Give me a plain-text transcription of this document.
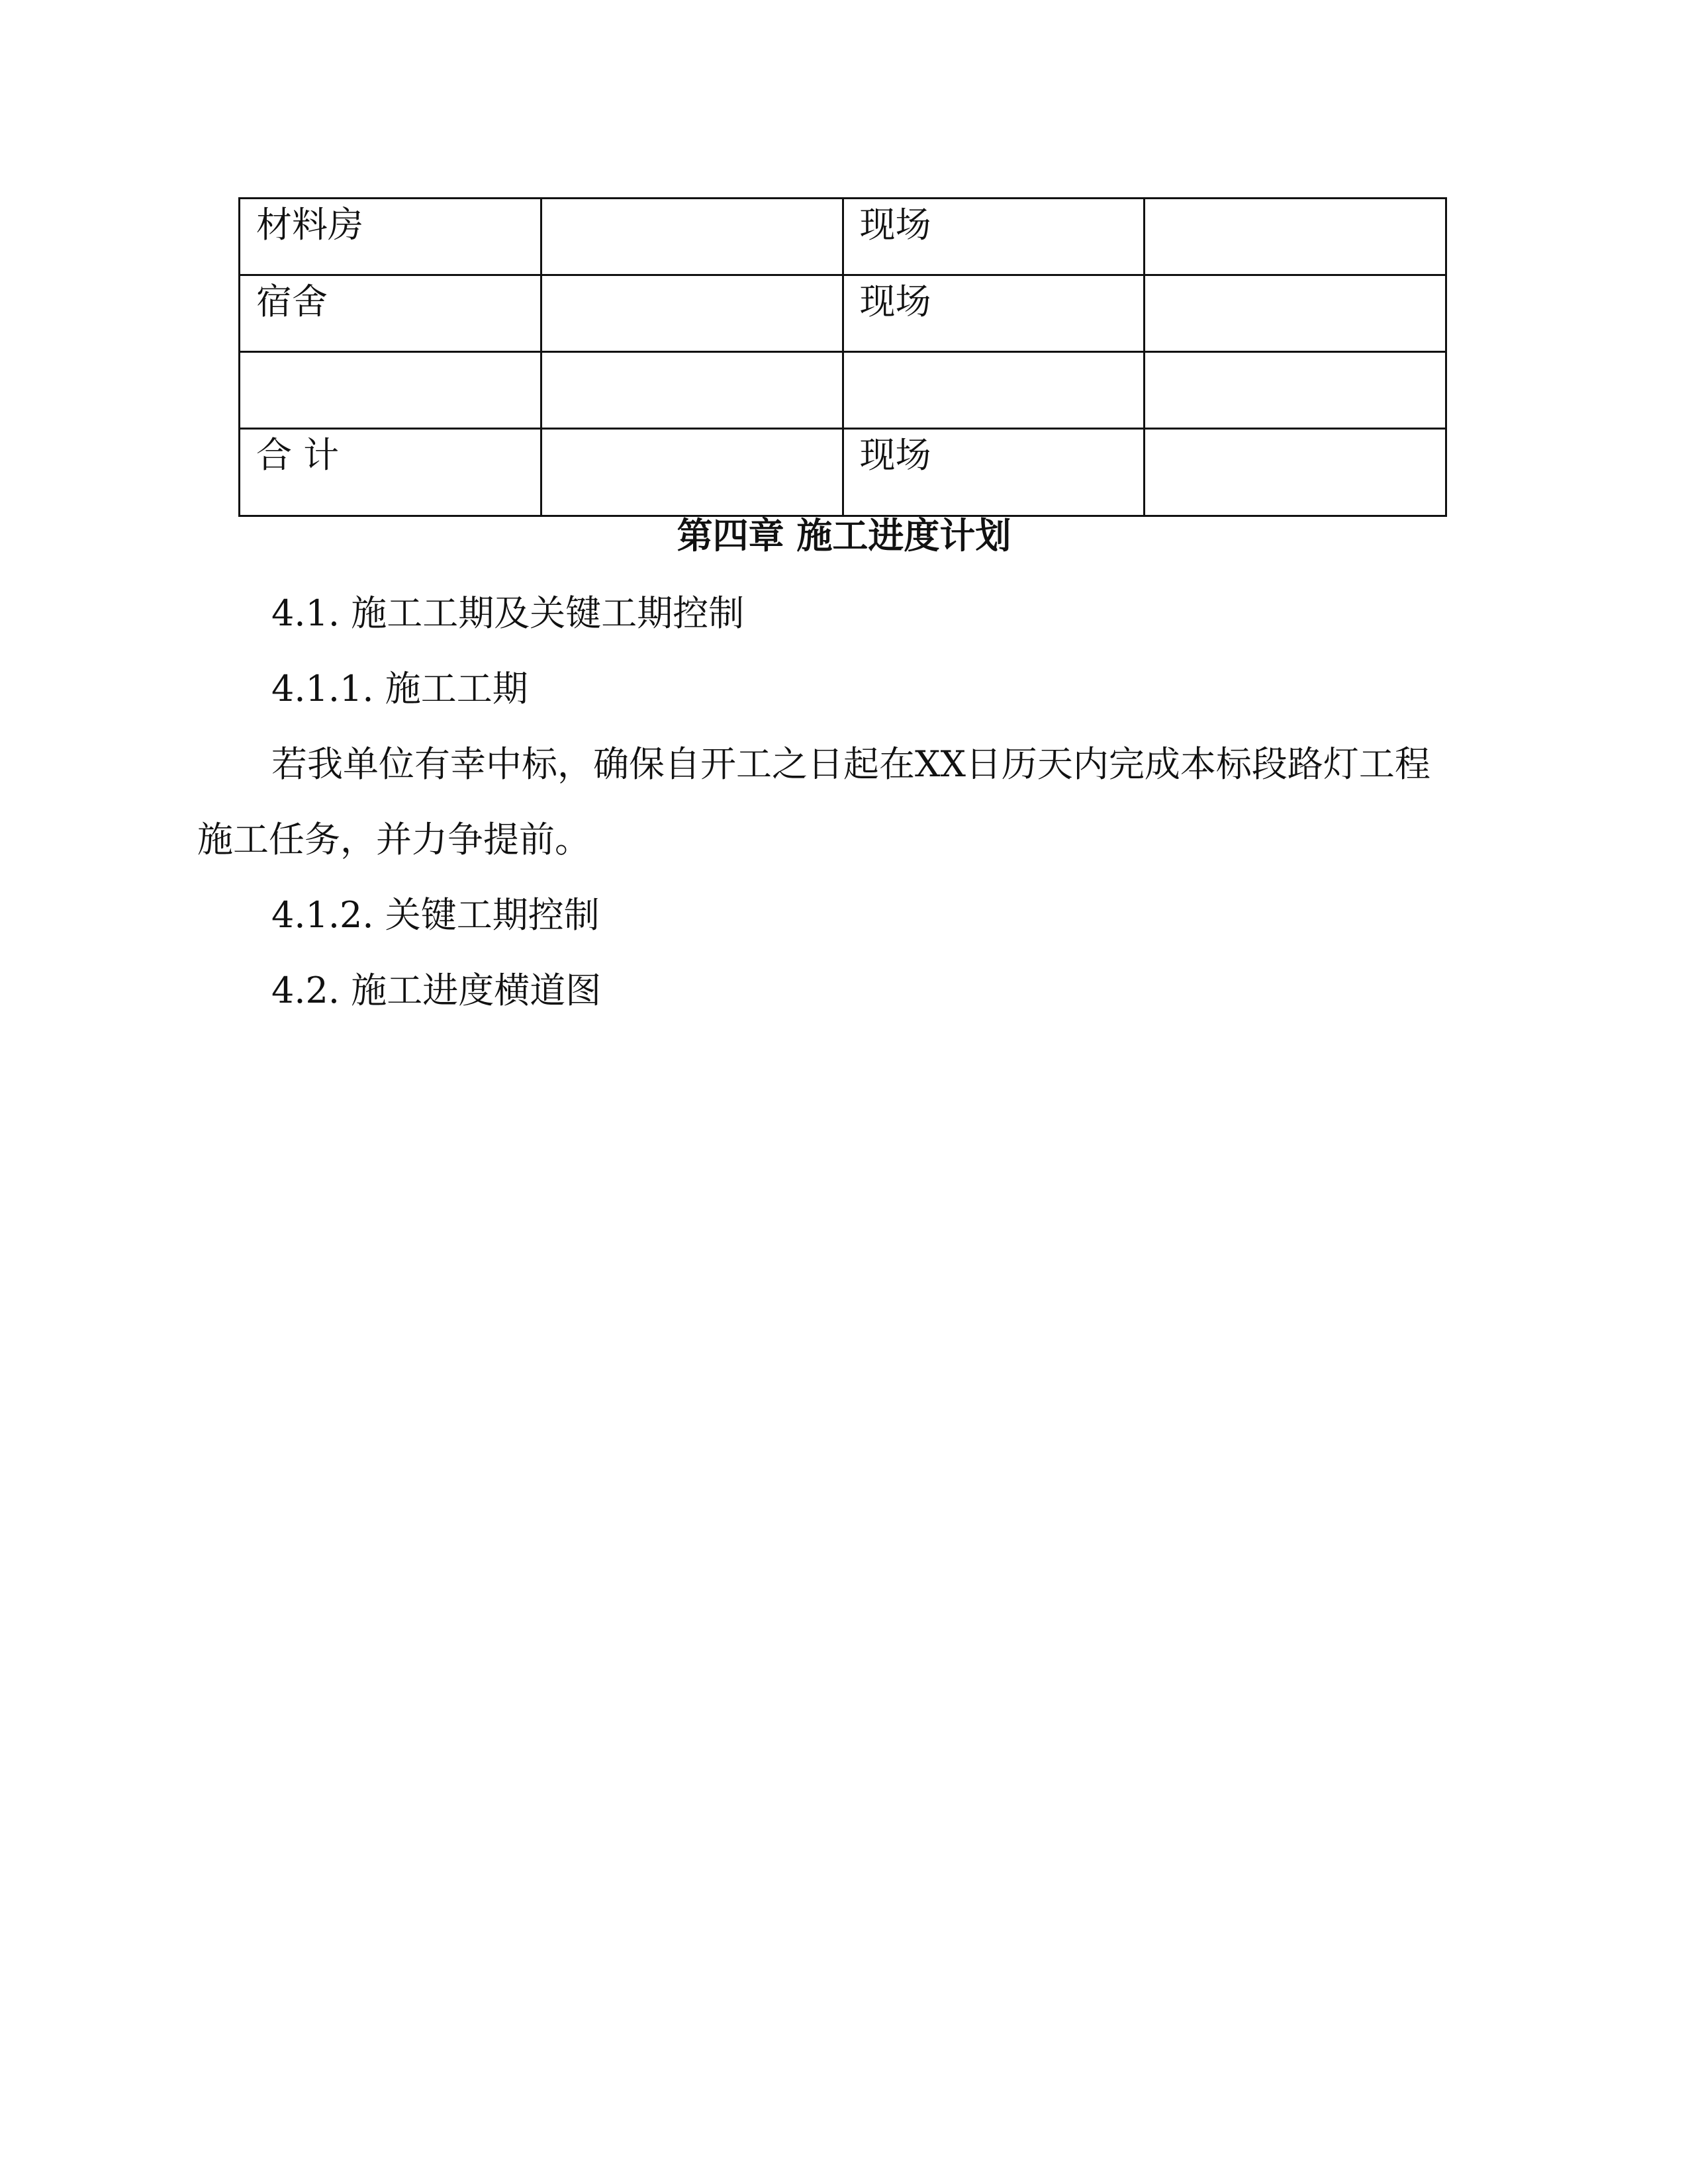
材料房		现场	
宿舍		现场	

合 计		现场	
第四章 施工进度计划
4.1. 施工工期及关键工期控制
4.1.1. 施工工期
若我单位有幸中标，确保自开工之日起在XX日历天内完成本标段路灯工程
施工任务，并力争提前。
4.1.2. 关键工期控制
4.2. 施工进度横道图
